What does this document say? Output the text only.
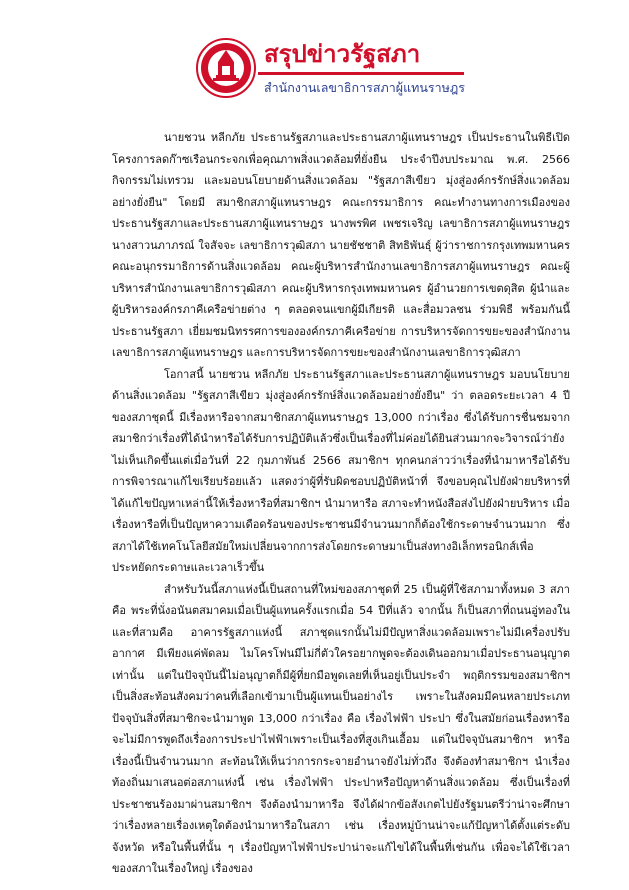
สรุปข่าวรัฐสภา
สำนักงานเลขาธิการสภาผู้แทนราษฎร

นายชวน หลีกภัย ประธานรัฐสภาและประธานสภาผู้แทนราษฎร เป็นประธานในพิธีเปิดโครงการลดก๊าซเรือนกระจกเพื่อคุณภาพสิ่งแวดล้อมที่ยั่งยืน ประจำปีงบประมาณ พ.ศ. 2566 กิจกรรมไม่เทรวม และมอบนโยบายด้านสิ่งแวดล้อม "รัฐสภาสีเขียว มุ่งสู่องค์กรรักษ์สิ่งแวดล้อมอย่างยั่งยืน" โดยมี สมาชิกสภาผู้แทนราษฎร คณะกรรมาธิการ คณะทำงานทางการเมืองของประธานรัฐสภาและประธานสภาผู้แทนราษฎร นางพรพิศ เพชรเจริญ เลขาธิการสภาผู้แทนราษฎร นางสาวนภาภรณ์ ใจสัจจะ เลขาธิการวุฒิสภา นายชัชชาติ สิทธิพันธุ์ ผู้ว่าราชการกรุงเทพมหานคร คณะอนุกรรมาธิการด้านสิ่งแวดล้อม คณะผู้บริหารสำนักงานเลขาธิการสภาผู้แทนราษฎร คณะผู้บริหารสำนักงานเลขาธิการวุฒิสภา คณะผู้บริหารกรุงเทพมหานคร ผู้อำนวยการเขตดุสิต ผู้นำและผู้บริหารองค์กรภาคีเครือข่ายต่าง ๆ ตลอดจนแขกผู้มีเกียรติ และสื่อมวลชน ร่วมพิธี พร้อมกันนี้ ประธานรัฐสภา เยี่ยมชมนิทรรศการขององค์กรภาคีเครือข่าย การบริหารจัดการขยะของสำนักงานเลขาธิการสภาผู้แทนราษฎร และการบริหารจัดการขยะของสำนักงานเลขาธิการวุฒิสภา

โอกาสนี้ นายชวน หลีกภัย ประธานรัฐสภาและประธานสภาผู้แทนราษฎร มอบนโยบายด้านสิ่งแวดล้อม "รัฐสภาสีเขียว มุ่งสู่องค์กรรักษ์สิ่งแวดล้อมอย่างยั่งยืน" ว่า ตลอดระยะเวลา 4 ปี ของสภาชุดนี้ มีเรื่องหารือจากสมาชิกสภาผู้แทนราษฎร 13,000 กว่าเรื่อง ซึ่งได้รับการชื่นชมจากสมาชิกว่าเรื่องที่ได้นำหารือได้รับการปฏิบัติแล้วซึ่งเป็นเรื่องที่ไม่ค่อยได้ยินส่วนมากจะวิจารณ์ว่ายังไม่เห็นเกิดขึ้นแต่เมื่อวันที่ 22 กุมภาพันธ์ 2566 สมาชิกฯ ทุกคนกล่าวว่าเรื่องที่นำมาหารือได้รับการพิจารณาแก้ไขเรียบร้อยแล้ว แสดงว่าผู้ที่รับผิดชอบปฏิบัติหน้าที่ จึงขอบคุณไปยังฝ่ายบริหารที่ได้แก้ไขปัญหาเหล่านี้ให้เรื่องหารือที่สมาชิกฯ นำมาหารือ สภาจะทำหนังสือส่งไปยังฝ่ายบริหาร เมื่อเรื่องหารือที่เป็นปัญหาความเดือดร้อนของประชาชนมีจำนวนมากก็ต้องใช้กระดาษจำนวนมาก ซึ่งสภาได้ใช้เทคโนโลยีสมัยใหม่เปลี่ยนจากการส่งโดยกระดาษมาเป็นส่งทางอิเล็กทรอนิกส์เพื่อประหยัดกระดาษและเวลาเร็วขึ้น

สำหรับวันนี้สภาแห่งนี้เป็นสถานที่ใหม่ของสภาชุดที่ 25 เป็นผู้ที่ใช้สภามาทั้งหมด 3 สภา คือ พระที่นั่งอนันตสมาคมเมื่อเป็นผู้แทนครั้งแรกเมื่อ 54 ปีที่แล้ว จากนั้น ก็เป็นสภาที่ถนนอู่ทองใน และที่สามคือ อาคารรัฐสภาแห่งนี้ สภาชุดแรกนั้นไม่มีปัญหาสิ่งแวดล้อมเพราะไม่มีเครื่องปรับอากาศ มีเพียงแค่พัดลม ไมโครโฟนมีไม่กี่ตัวใครอยากพูดจะต้องเดินออกมาเมื่อประธานอนุญาตเท่านั้น แต่ในปัจจุบันนี้ไม่อนุญาตก็มีผู้ที่ยกมือพูดเลยที่เห็นอยู่เป็นประจำ พฤติกรรมของสมาชิกฯ เป็นสิ่งสะท้อนสังคมว่าคนที่เลือกเข้ามาเป็นผู้แทนเป็นอย่างไร เพราะในสังคมมีคนหลายประเภท ปัจจุบันสิ่งที่สมาชิกจะนำมาพูด 13,000 กว่าเรื่อง คือ เรื่องไฟฟ้า ประปา ซึ่งในสมัยก่อนเรื่องหารือจะไม่มีการพูดถึงเรื่องการประปาไฟฟ้าเพราะเป็นเรื่องที่สูงเกินเอื้อม แต่ในปัจจุบันสมาชิกฯ หารือเรื่องนี้เป็นจำนวนมาก สะท้อนให้เห็นว่าการกระจายอำนาจยังไม่ทั่วถึง จึงต้องทำสมาชิกฯ นำเรื่องท้องถิ่นมาเสนอต่อสภาแห่งนี้ เช่น เรื่องไฟฟ้า ประปาหรือปัญหาด้านสิ่งแวดล้อม ซึ่งเป็นเรื่องที่ประชาชนร้องมาผ่านสมาชิกฯ จึงต้องนำมาหารือ จึงได้ฝากข้อสังเกตไปยังรัฐมนตรีว่าน่าจะศึกษาว่าเรื่องหลายเรื่องเหตุใดต้องนำมาหารือในสภา เช่น เรื่องหมู่บ้านน่าจะแก้ปัญหาได้ตั้งแต่ระดับจังหวัด หรือในพื้นที่นั้น ๆ เรื่องปัญหาไฟฟ้าประปาน่าจะแก้ไขได้ในพื้นที่เช่นกัน เพื่อจะได้ใช้เวลาของสภาในเรื่องใหญ่ เรื่องของ
